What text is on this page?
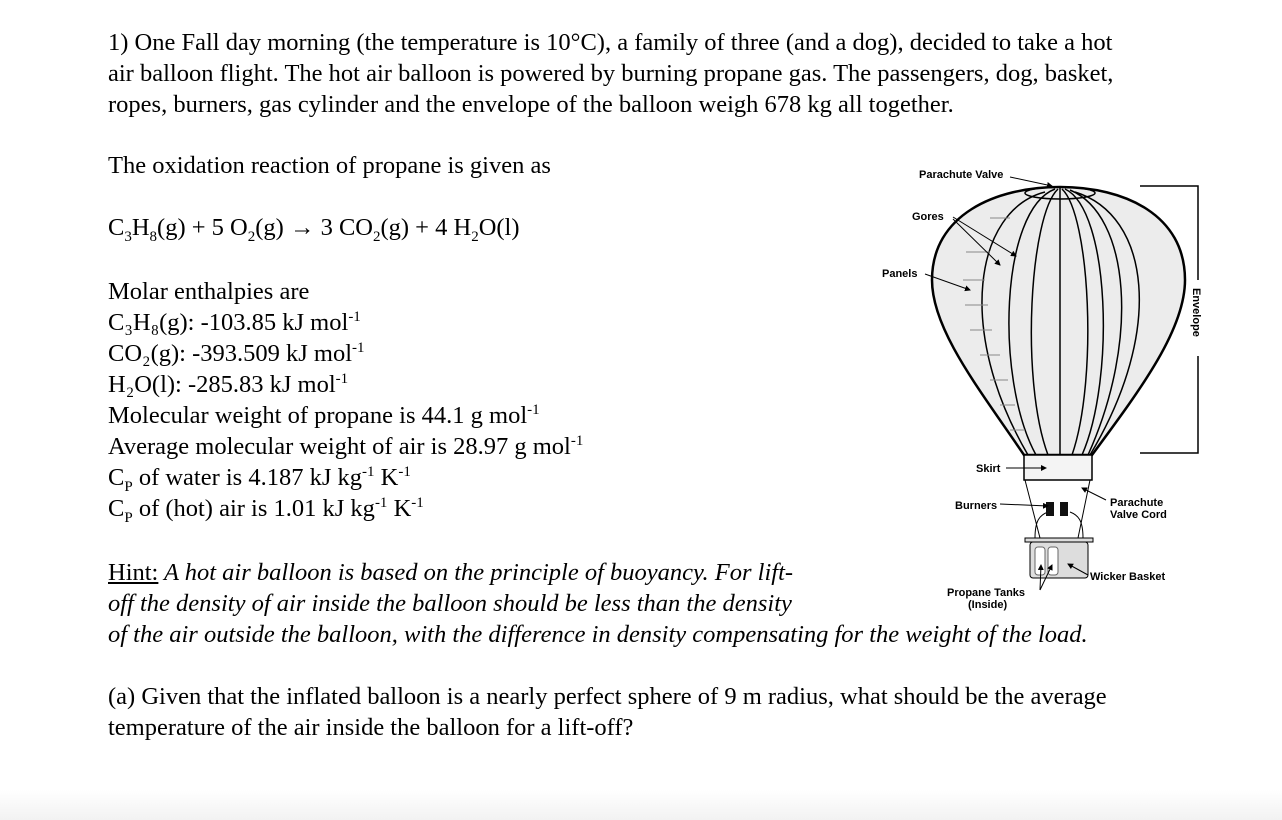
1) One Fall day morning (the temperature is 10°C), a family of three (and a dog), decided to take a hot
air balloon flight. The hot air balloon is powered by burning propane gas. The passengers, dog, basket,
ropes, burners, gas cylinder and the envelope of the balloon weigh 678 kg all together.
The oxidation reaction of propane is given as
$C_3H_8(g) + 5$ $O_2(g) \to 3$ $CO_2(g) + 4$ $H_2O(l)$
Molar enthalpies are
C₃H₈(g): -103.85 kJ mol$^{-1}$
CO₂(g): -393.509 kJ mol$^{-1}$
H₂O(l): -285.83 kJ mol$^{-1}$
Molecular weight of propane is 44.1 g mol$^{-1}$
Average molecular weight of air is 28.97 g mol$^{-1}$
$C_P$ of water is 4.187 kJ $kg^{-1}$ $K^{-1}$
$C_P$ of (hot) air is 1.01 kJ $kg^{-1}$ $K^{-1}$
Hint: A hot air balloon is based on the principle of buoyancy. For lift-
off the density of air inside the balloon should be less than the density
of the air outside the balloon, with the difference in density compensating for the weight of the load.
(a) Given that the inflated balloon is a nearly perfect sphere of 9 m radius, what should be the average
temperature of the air inside the balloon for a lift-off?
Envelope
Parachute Valve
Gores
Panels
Skirt
Burners	Parachute
Valve Cord
Wicker Basket
Propane Tanks
(Inside)
